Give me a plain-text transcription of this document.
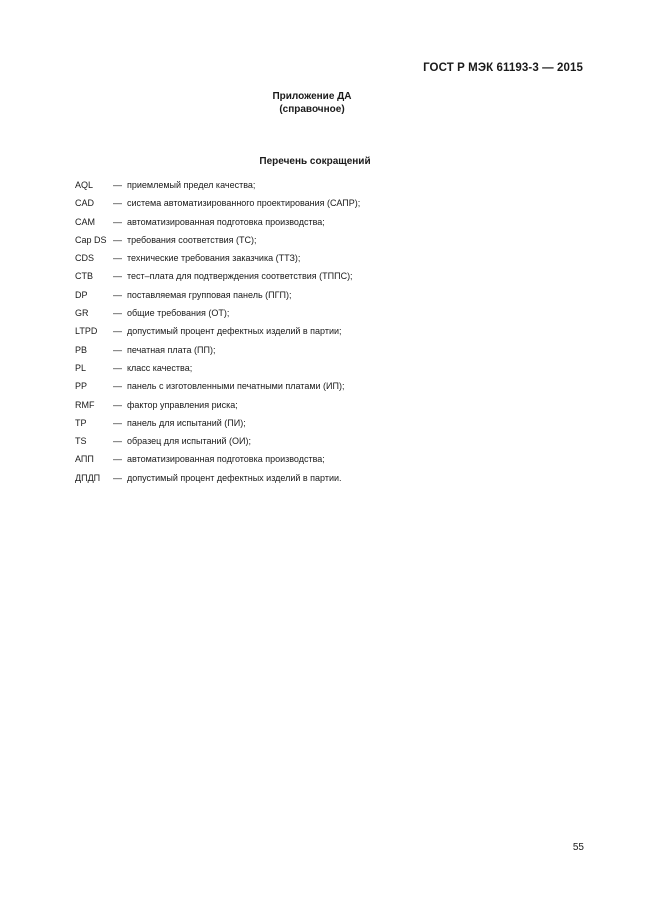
ГОСТ Р МЭК 61193-3 — 2015
Приложение ДА
(справочное)
Перечень сокращений
AQL	— приемлемый предел качества;
CAD	— система автоматизированного проектирования (САПР);
CAM	— автоматизированная подготовка производства;
Cap DS — требования соответствия (ТС);
CDS	— технические требования заказчика (ТТЗ);
CTB	— тест–плата для подтверждения соответствия (ТППС);
DP	— поставляемая групповая панель (ПГП);
GR	— общие требования (ОТ);
LTPD	— допустимый процент дефектных изделий в партии;
PB	— печатная плата (ПП);
PL	— класс качества;
PP	— панель с изготовленными печатными платами (ИП);
RMF	— фактор управления риска;
TP	— панель для испытаний (ПИ);
TS	— образец для испытаний (ОИ);
АПП	— автоматизированная подготовка производства;
ДПДП	— допустимый процент дефектных изделий в партии.
55
